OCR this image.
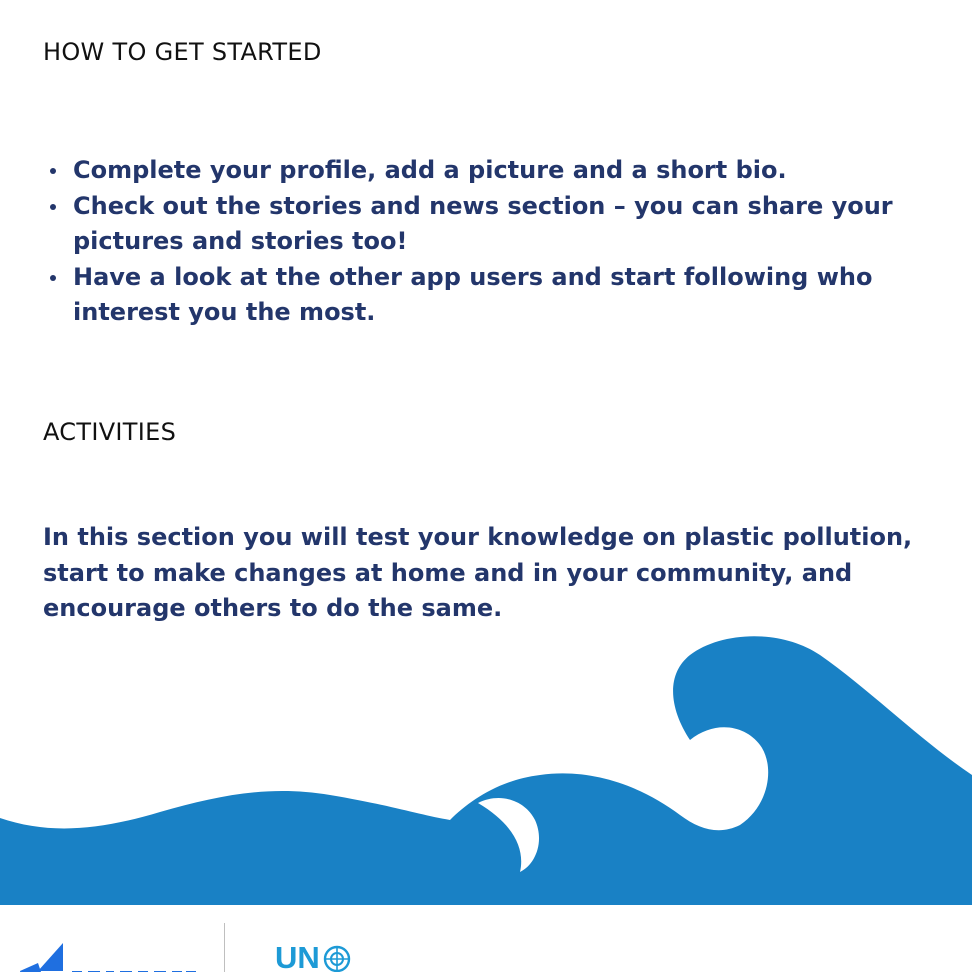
HOW TO GET STARTED
Complete your profile, add a picture and a short bio.
Check out the stories and news section – you can share your pictures and stories too!
Have a look at the other app users and start following who interest you the most.
ACTIVITIES

In this section you will test your knowledge on plastic pollution, start to make changes at home and in your community, and encourage others to do the same.

UN
